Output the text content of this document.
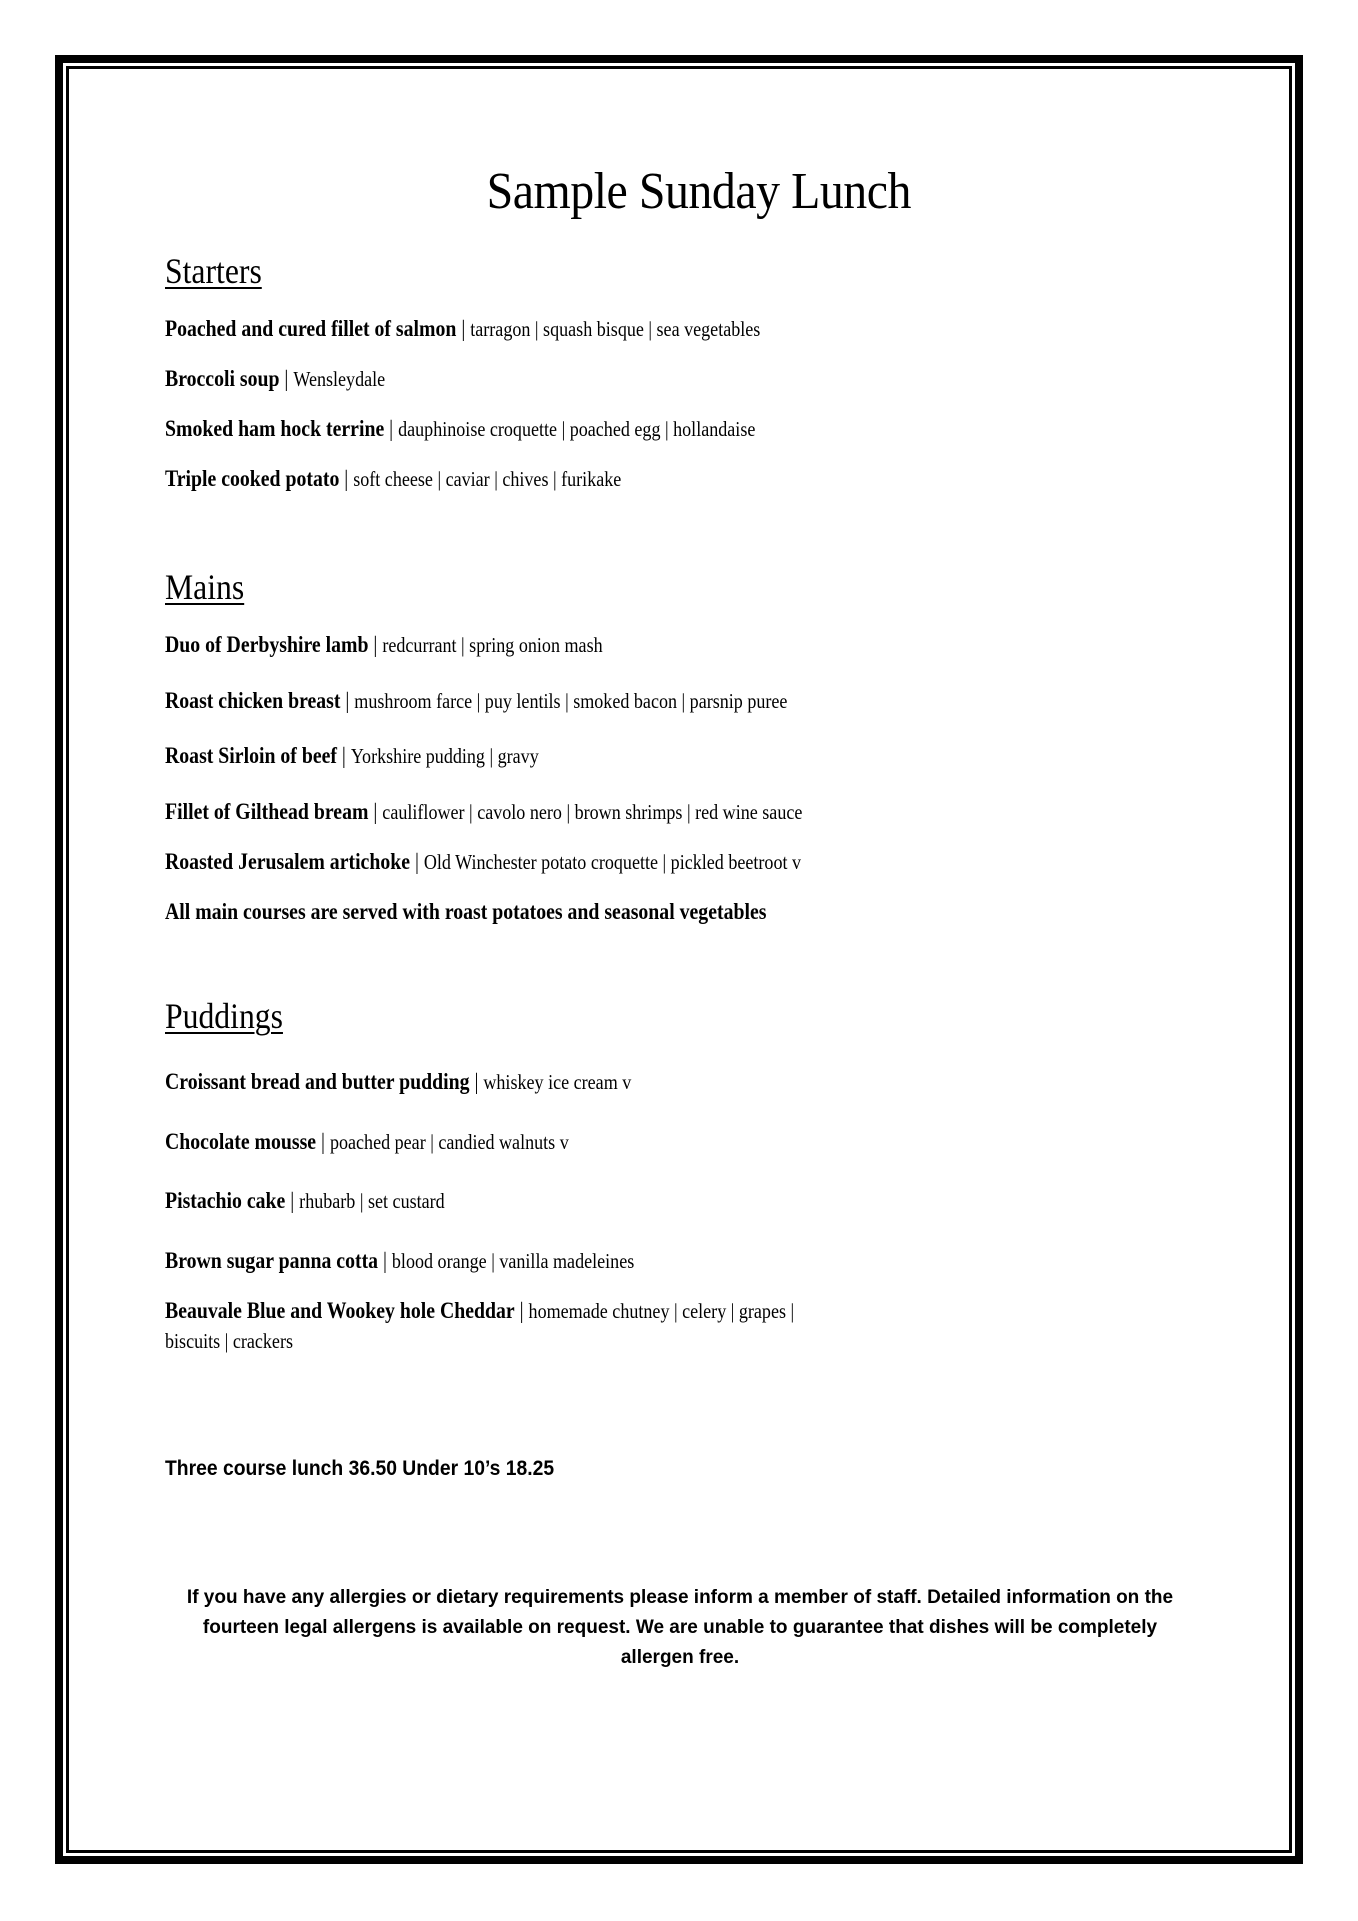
Sample Sunday Lunch
Starters
Poached and cured fillet of salmon | tarragon | squash bisque | sea vegetables
Broccoli soup | Wensleydale
Smoked ham hock terrine | dauphinoise croquette | poached egg | hollandaise
Triple cooked potato | soft cheese | caviar | chives | furikake
Mains
Duo of Derbyshire lamb | redcurrant | spring onion mash
Roast chicken breast | mushroom farce | puy lentils | smoked bacon | parsnip puree
Roast Sirloin of beef | Yorkshire pudding | gravy
Fillet of Gilthead bream | cauliflower | cavolo nero | brown shrimps | red wine sauce
Roasted Jerusalem artichoke | Old Winchester potato croquette | pickled beetroot v
All main courses are served with roast potatoes and seasonal vegetables
Puddings
Croissant bread and butter pudding | whiskey ice cream v
Chocolate mousse | poached pear | candied walnuts v
Pistachio cake | rhubarb | set custard
Brown sugar panna cotta | blood orange | vanilla madeleines
Beauvale Blue and Wookey hole Cheddar | homemade chutney | celery | grapes |
biscuits | crackers
Three course lunch 36.50 Under 10’s 18.25
If you have any allergies or dietary requirements please inform a member of staff. Detailed information on the fourteen legal allergens is available on request. We are unable to guarantee that dishes will be completely allergen free.
